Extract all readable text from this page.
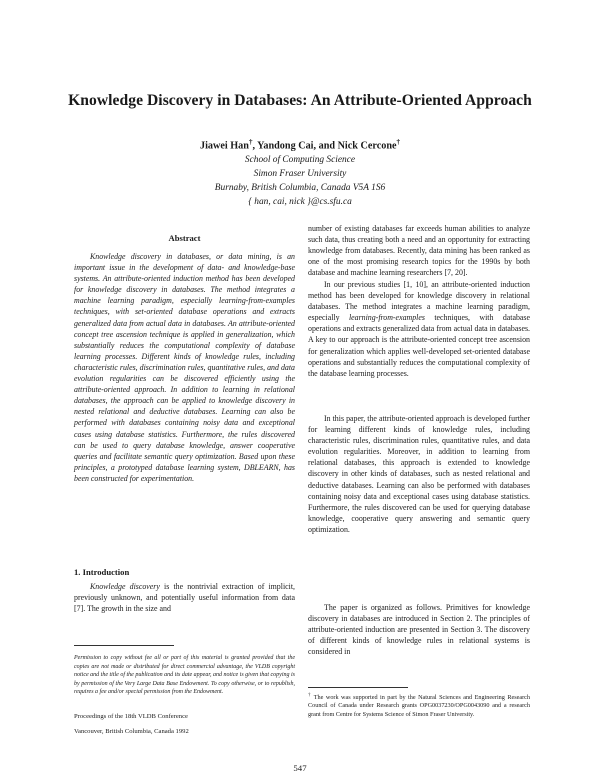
Knowledge Discovery in Databases: An Attribute-Oriented Approach
Jiawei Han†, Yandong Cai, and Nick Cercone†
School of Computing Science
Simon Fraser University
Burnaby, British Columbia, Canada V5A 1S6
{ han, cai, nick }@cs.sfu.ca
Abstract

Knowledge discovery in databases, or data mining, is an important issue in the development of data- and knowledge-base systems. An attribute-oriented induction method has been developed for knowledge discovery in databases. The method integrates a machine learning paradigm, especially learning-from-examples techniques, with set-oriented database operations and extracts generalized data from actual data in databases. An attribute-oriented concept tree ascension technique is applied in generalization, which substantially reduces the computational complexity of database learning processes. Different kinds of knowledge rules, including characteristic rules, discrimination rules, quantitative rules, and data evolution regularities can be discovered efficiently using the attribute-oriented approach. In addition to learning in relational databases, the approach can be applied to knowledge discovery in nested relational and deductive databases. Learning can also be performed with databases containing noisy data and exceptional cases using database statistics. Furthermore, the rules discovered can be used to query database knowledge, answer cooperative queries and facilitate semantic query optimization. Based upon these principles, a prototyped database learning system, DBLEARN, has been constructed for experimentation.

1. Introduction

Knowledge discovery is the nontrivial extraction of implicit, previously unknown, and potentially useful information from data [7]. The growth in the size and

Permission to copy without fee all or part of this material is granted provided that the copies are not made or distributed for direct commercial advantage, the VLDB copyright notice and the title of the publication and its date appear, and notice is given that copying is by permission of the Very Large Data Base Endowment. To copy otherwise, or to republish, requires a fee and/or special permission from the Endowment.

Proceedings of the 18th VLDB Conference
Vancouver, British Columbia, Canada 1992

number of existing databases far exceeds human abilities to analyze such data, thus creating both a need and an opportunity for extracting knowledge from databases. Recently, data mining has been ranked as one of the most promising research topics for the 1990s by both database and machine learning researchers [7, 20].

In our previous studies [1, 10], an attribute-oriented induction method has been developed for knowledge discovery in relational databases. The method integrates a machine learning paradigm, especially learning-from-examples techniques, with database operations and extracts generalized data from actual data in databases. A key to our approach is the attribute-oriented concept tree ascension for generalization which applies well-developed set-oriented database operations and substantially reduces the computational complexity of the database learning processes.

In this paper, the attribute-oriented approach is developed further for learning different kinds of knowledge rules, including characteristic rules, discrimination rules, quantitative rules, and data evolution regularities. Moreover, in addition to learning from relational databases, this approach is extended to knowledge discovery in other kinds of databases, such as nested relational and deductive databases. Learning can also be performed with databases containing noisy data and exceptional cases using database statistics. Furthermore, the rules discovered can be used for querying database knowledge, cooperative query answering and semantic query optimization.

The paper is organized as follows. Primitives for knowledge discovery in databases are introduced in Section 2. The principles of attribute-oriented induction are presented in Section 3. The discovery of different kinds of knowledge rules in relational systems is considered in

† The work was supported in part by the Natural Sciences and Engineering Research Council of Canada under Research grants OPG0037230/OPG0043090 and a research grant from Centre for Systems Science of Simon Fraser University.

547
